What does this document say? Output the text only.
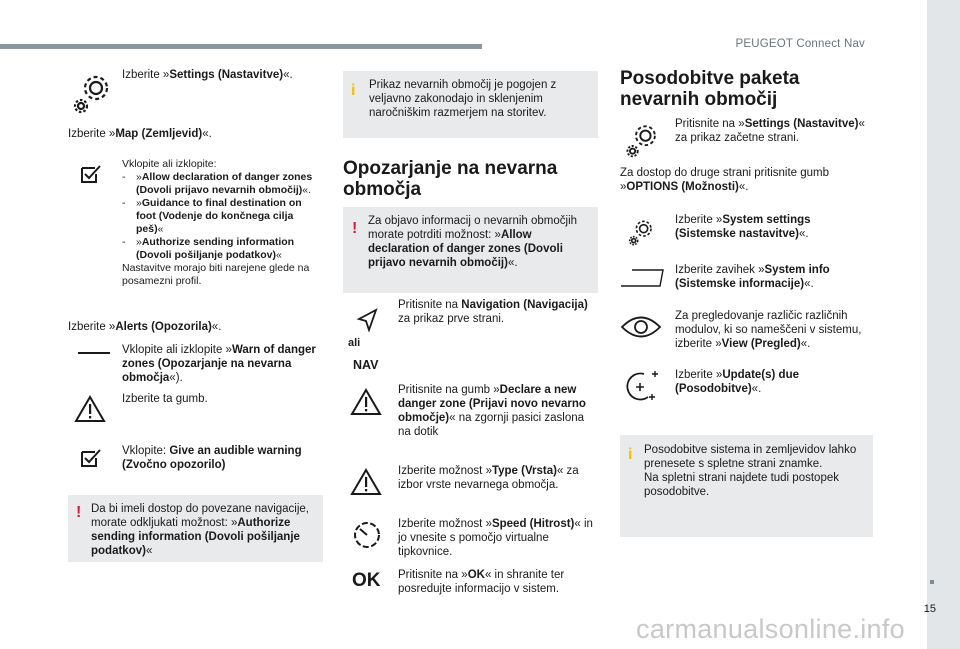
PEUGEOT Connect Nav
15
carmanualsonline.info
Izberite »Settings (Nastavitve)«.
Izberite »Map (Zemljevid)«.
Vklopite ali izklopite:
-	»Allow declaration of danger zones (Dovoli prijavo nevarnih območij)«.
-	»Guidance to final destination on foot (Vodenje do končnega cilja peš)«
-	»Authorize sending information (Dovoli pošiljanje podatkov)«
Nastavitve morajo biti narejene glede na posamezni profil.
Izberite »Alerts (Opozorila)«.
Vklopite ali izklopite »Warn of danger zones (Opozarjanje na nevarna območja«).
Izberite ta gumb.
Vklopite: Give an audible warning (Zvočno opozorilo)
! Da bi imeli dostop do povezane navigacije, morate odkljukati možnost: »Authorize sending information (Dovoli pošiljanje podatkov)«
i Prikaz nevarnih območij je pogojen z veljavno zakonodajo in sklenjenim naročniškim razmerjem na storitev.
Opozarjanje na nevarna območja
! Za objavo informacij o nevarnih območjih morate potrditi možnost: »Allow declaration of danger zones (Dovoli prijavo nevarnih območij)«.
ali
NAV
Pritisnite na Navigation (Navigacija) za prikaz prve strani.
Pritisnite na gumb »Declare a new danger zone (Prijavi novo nevarno območje)« na zgornji pasici zaslona na dotik
Izberite možnost »Type (Vrsta)« za izbor vrste nevarnega območja.
Izberite možnost »Speed (Hitrost)« in jo vnesite s pomočjo virtualne tipkovnice.
OK	Pritisnite na »OK« in shranite ter posredujte informacijo v sistem.
Posodobitve paketa nevarnih območij
Pritisnite na »Settings (Nastavitve)« za prikaz začetne strani.
Za dostop do druge strani pritisnite gumb »OPTIONS (Možnosti)«.
Izberite »System settings (Sistemske nastavitve)«.
Izberite zavihek »System info (Sistemske informacije)«.
Za pregledovanje različic različnih modulov, ki so nameščeni v sistemu, izberite »View (Pregled)«.
Izberite »Update(s) due (Posodobitve)«.
i Posodobitve sistema in zemljevidov lahko prenesete s spletne strani znamke.
Na spletni strani najdete tudi postopek posodobitve.
